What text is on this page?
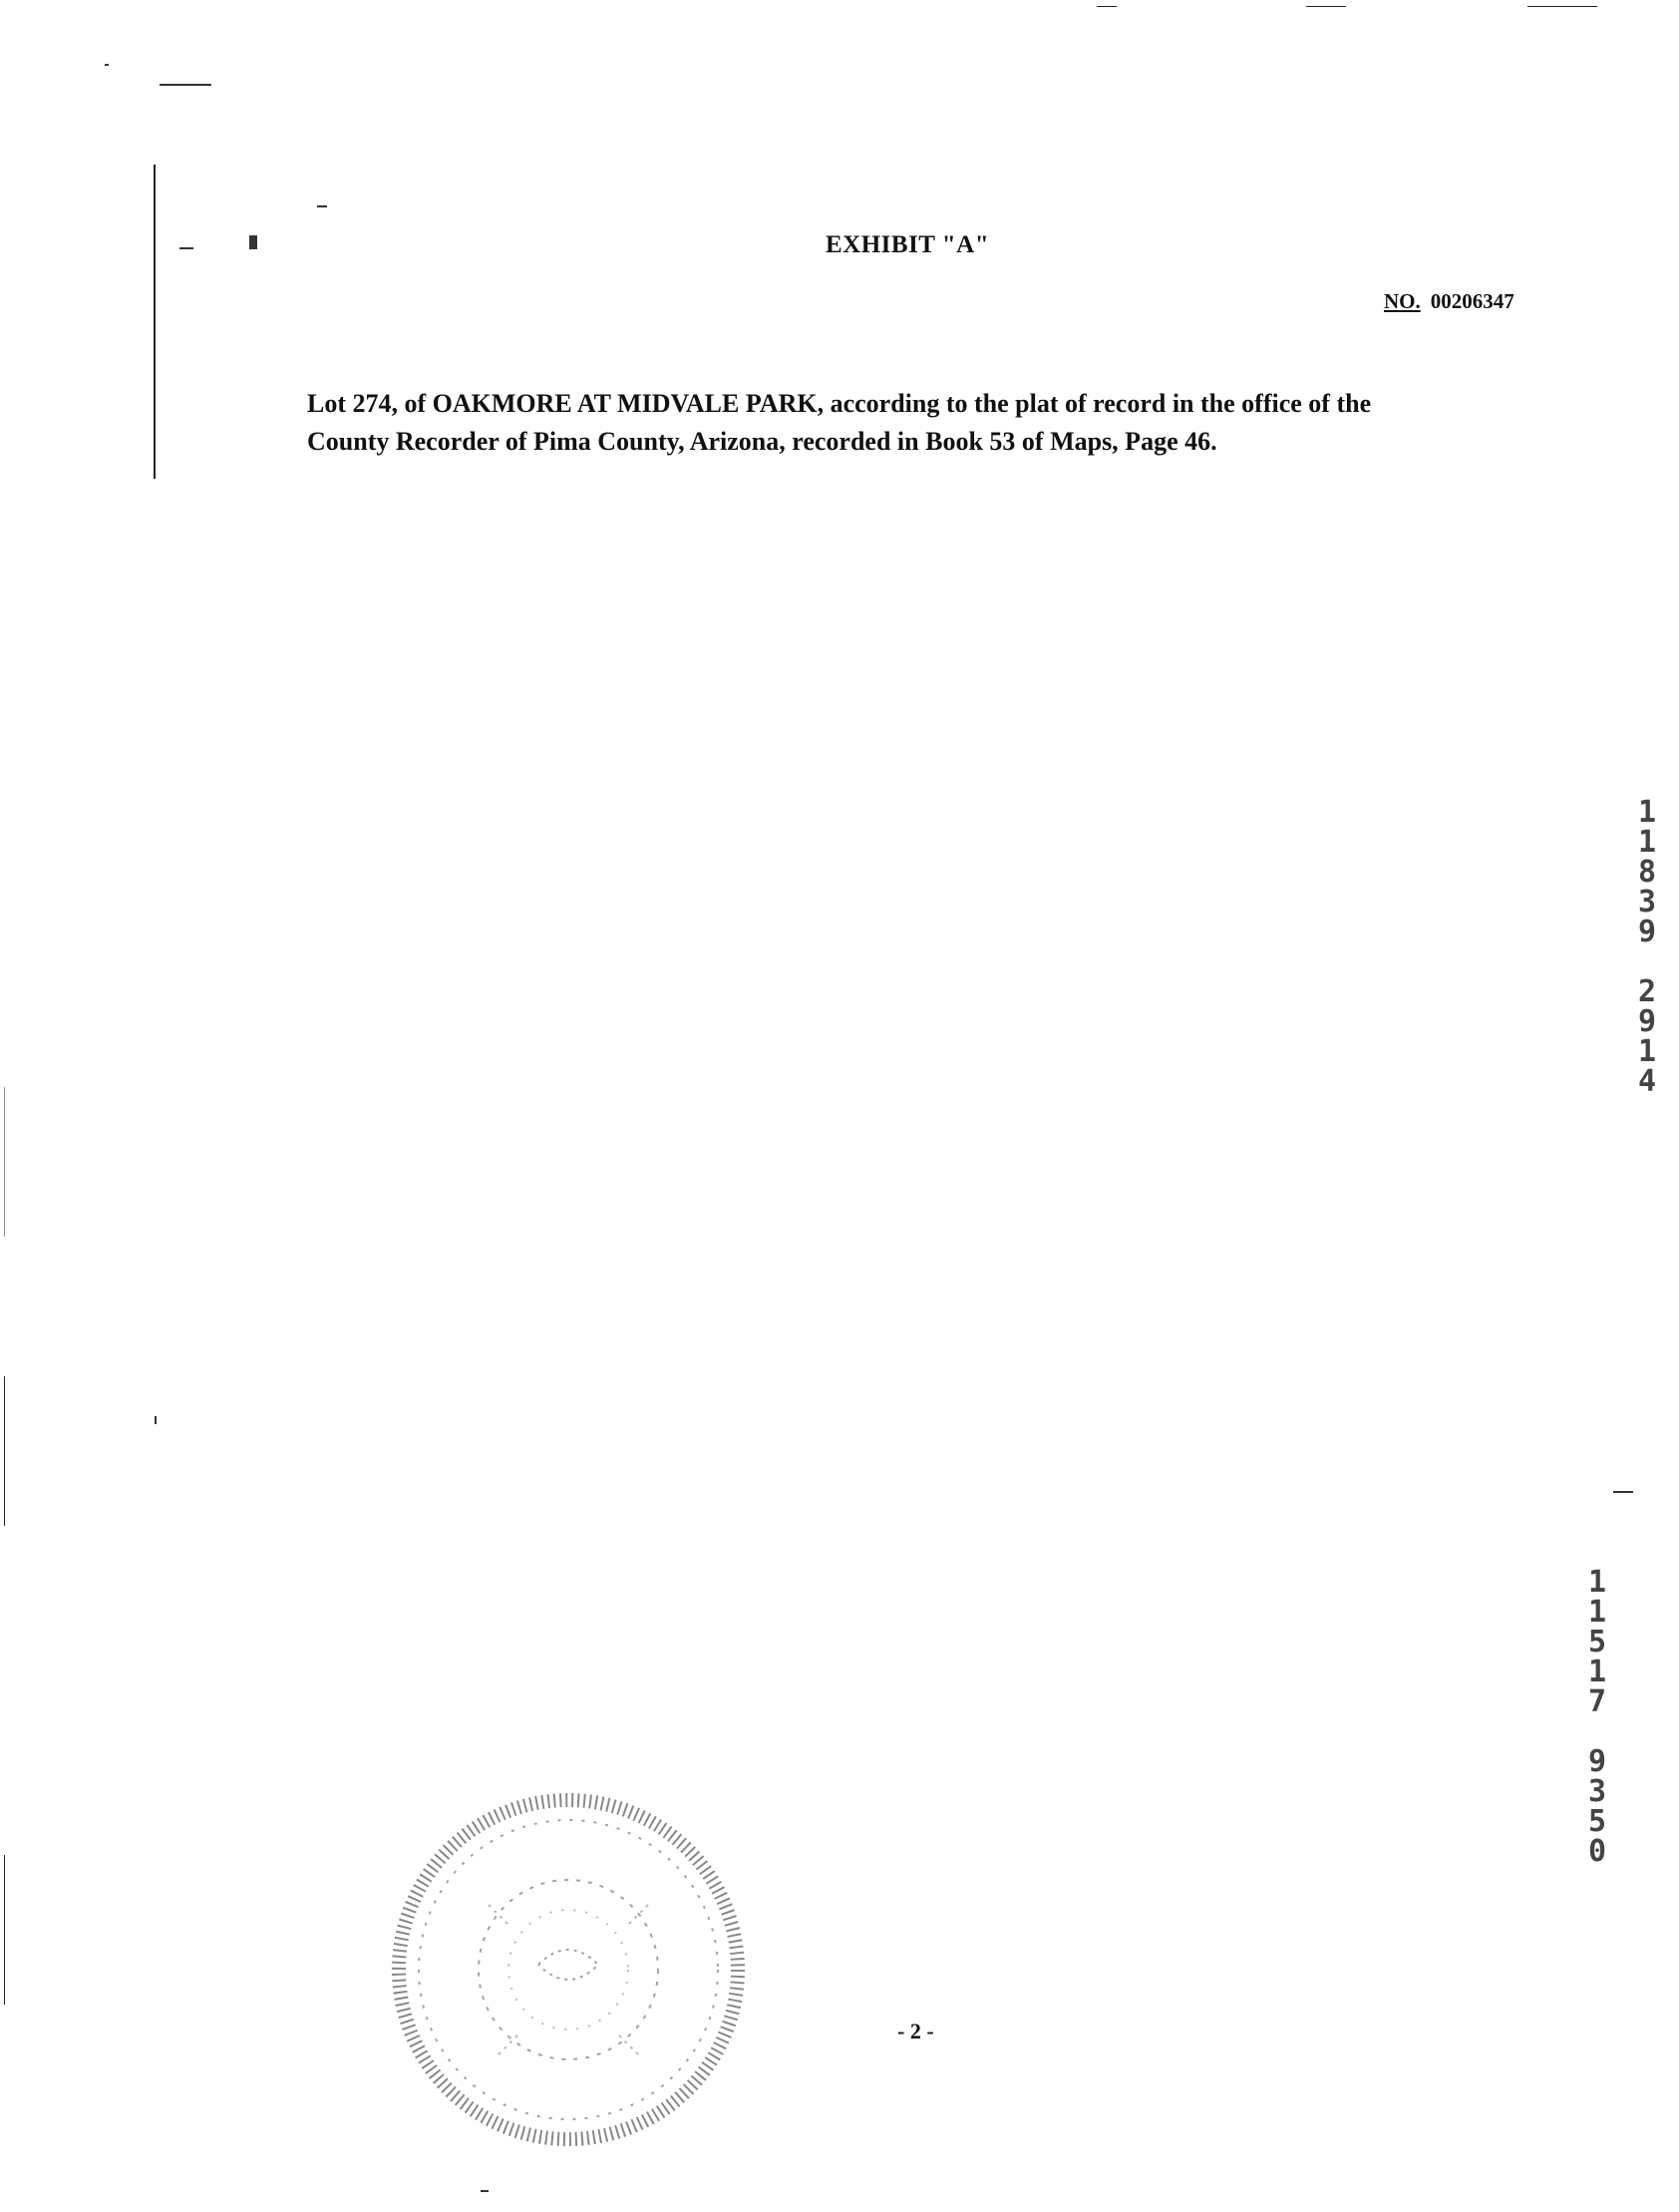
EXHIBIT "A"
NO. 00206347
Lot 274, of OAKMORE AT MIDVALE PARK, according to the plat of record in the office of the
County Recorder of Pima County, Arizona, recorded in Book 53 of Maps, Page 46.
1
1
8
3
9
2
9
1
4
1
1
5
1
7
9
3
5
0
- 2 -
